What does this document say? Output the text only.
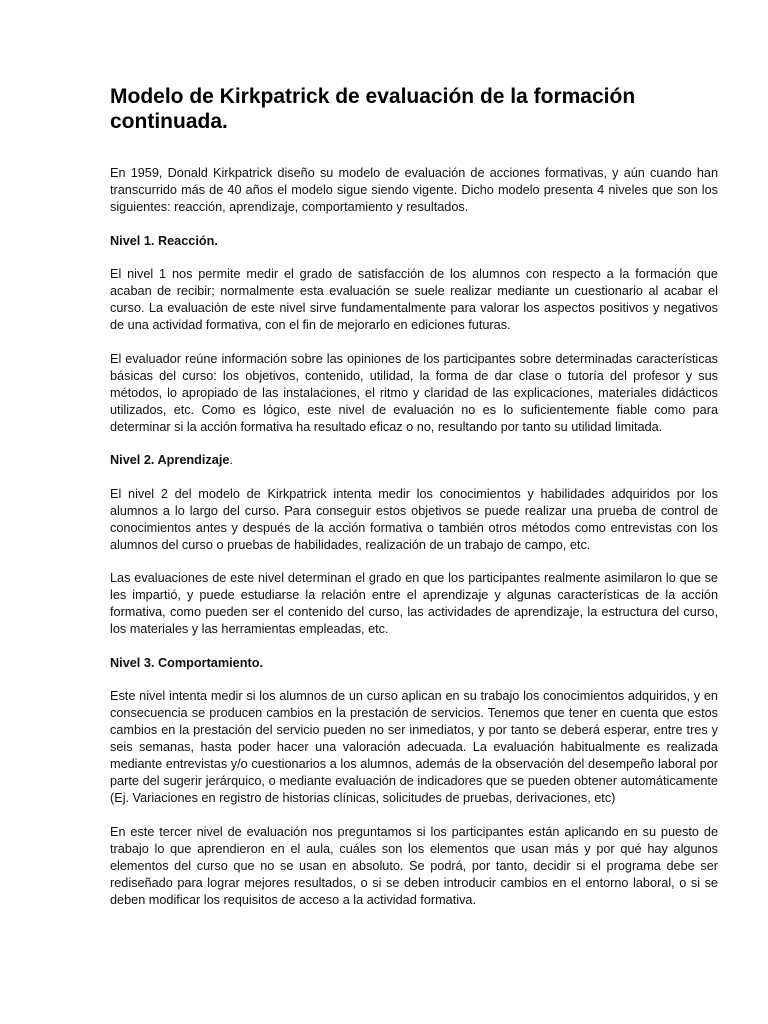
Modelo de Kirkpatrick de evaluación de la formación continuada.

En 1959, Donald Kirkpatrick diseño su modelo de evaluación de acciones formativas, y aún cuando han transcurrido más de 40 años el modelo sigue siendo vigente. Dicho modelo presenta 4 niveles que son los siguientes: reacción, aprendizaje, comportamiento y resultados.

Nivel 1. Reacción.

El nivel 1 nos permite medir el grado de satisfacción de los alumnos con respecto a la formación que acaban de recibir; normalmente esta evaluación se suele realizar mediante un cuestionario al acabar el curso. La evaluación de este nivel sirve fundamentalmente para valorar los aspectos positivos y negativos de una actividad formativa, con el fin de mejorarlo en ediciones futuras.

El evaluador reúne información sobre las opiniones de los participantes sobre determinadas características básicas del curso: los objetivos, contenido, utilidad, la forma de dar clase o tutoría del profesor y sus métodos, lo apropiado de las instalaciones, el ritmo y claridad de las explicaciones, materiales didácticos utilizados, etc. Como es lógico, este nivel de evaluación no es lo suficientemente fiable como para determinar si la acción formativa ha resultado eficaz o no, resultando por tanto su utilidad limitada.

Nivel 2. Aprendizaje.

El nivel 2 del modelo de Kirkpatrick intenta medir los conocimientos y habilidades adquiridos por los alumnos a lo largo del curso. Para conseguir estos objetivos se puede realizar una prueba de control de conocimientos antes y después de la acción formativa o también otros métodos como entrevistas con los alumnos del curso o pruebas de habilidades, realización de un trabajo de campo, etc.

Las evaluaciones de este nivel determinan el grado en que los participantes realmente asimilaron lo que se les impartió, y puede estudiarse la relación entre el aprendizaje y algunas características de la acción formativa, como pueden ser el contenido del curso, las actividades de aprendizaje, la estructura del curso, los materiales y las herramientas empleadas, etc.

Nivel 3. Comportamiento.

Este nivel intenta medir si los alumnos de un curso aplican en su trabajo los conocimientos adquiridos, y en consecuencia se producen cambios en la prestación de servicios. Tenemos que tener en cuenta que estos cambios en la prestación del servicio pueden no ser inmediatos, y por tanto se deberá esperar, entre tres y seis semanas, hasta poder hacer una valoración adecuada. La evaluación habitualmente es realizada mediante entrevistas y/o cuestionarios a los alumnos, además de la observación del desempeño laboral por parte del sugerir jerárquico, o mediante evaluación de indicadores que se pueden obtener automáticamente (Ej. Variaciones en registro de historias clínicas, solicitudes de pruebas, derivaciones, etc)

En este tercer nivel de evaluación nos preguntamos si los participantes están aplicando en su puesto de trabajo lo que aprendieron en el aula, cuáles son los elementos que usan más y por qué hay algunos elementos del curso que no se usan en absoluto. Se podrá, por tanto, decidir si el programa debe ser rediseñado para lograr mejores resultados, o si se deben introducir cambios en el entorno laboral, o si se deben modificar los requisitos de acceso a la actividad formativa.
